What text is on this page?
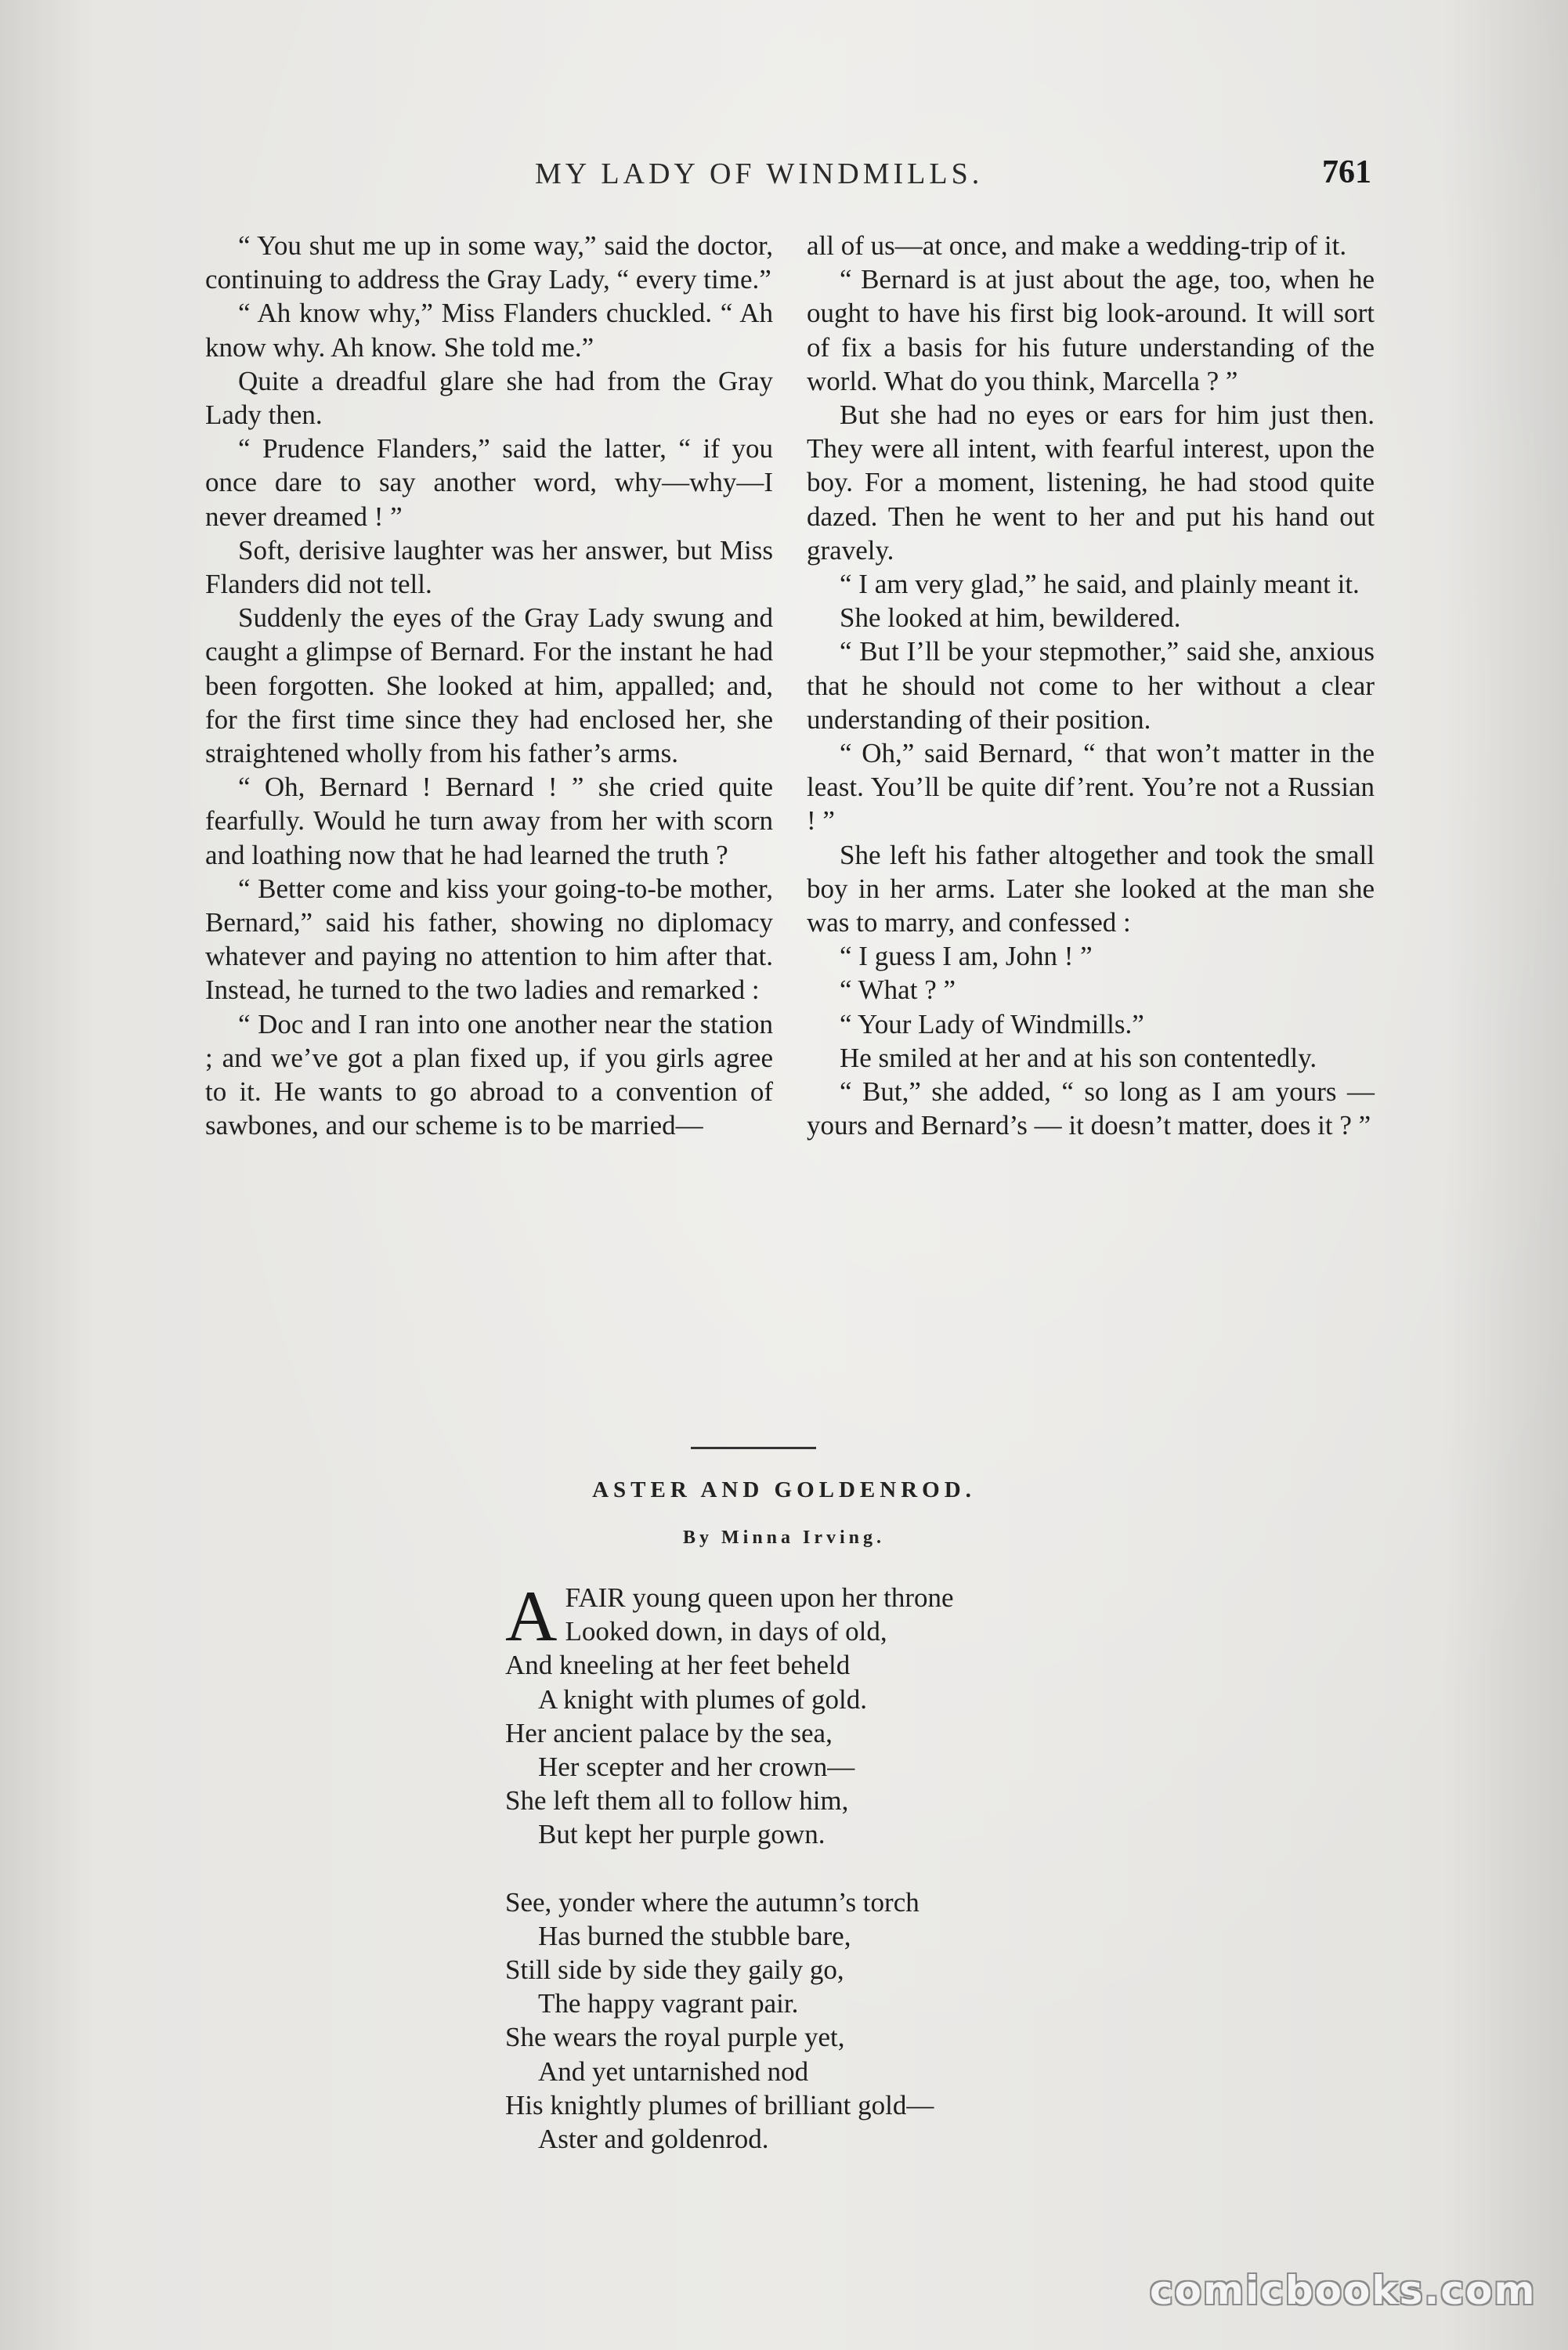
MY LADY OF WINDMILLS.	761

“ You shut me up in some way,” said the doctor, continuing to address the Gray Lady, “ every time.”

“ Ah know why,” Miss Flanders chuckled. “ Ah know why. Ah know. She told me.”

Quite a dreadful glare she had from the Gray Lady then.

“ Prudence Flanders,” said the latter, “ if you once dare to say another word, why—why—I never dreamed ! ”

Soft, derisive laughter was her answer, but Miss Flanders did not tell.

Suddenly the eyes of the Gray Lady swung and caught a glimpse of Bernard. For the instant he had been forgotten. She looked at him, appalled; and, for the first time since they had enclosed her, she straightened wholly from his father’s arms.

“ Oh, Bernard ! Bernard ! ” she cried quite fearfully. Would he turn away from her with scorn and loathing now that he had learned the truth ?

“ Better come and kiss your going-to-be mother, Bernard,” said his father, showing no diplomacy whatever and paying no attention to him after that. Instead, he turned to the two ladies and remarked :

“ Doc and I ran into one another near the station ; and we’ve got a plan fixed up, if you girls agree to it. He wants to go abroad to a convention of sawbones, and our scheme is to be married—

all of us—at once, and make a wedding-trip of it.

“ Bernard is at just about the age, too, when he ought to have his first big look-around. It will sort of fix a basis for his future understanding of the world. What do you think, Marcella ? ”

But she had no eyes or ears for him just then. They were all intent, with fearful interest, upon the boy. For a moment, listening, he had stood quite dazed. Then he went to her and put his hand out gravely.

“ I am very glad,” he said, and plainly meant it.

She looked at him, bewildered.

“ But I’ll be your stepmother,” said she, anxious that he should not come to her without a clear understanding of their position.

“ Oh,” said Bernard, “ that won’t matter in the least. You’ll be quite dif’rent. You’re not a Russian ! ”

She left his father altogether and took the small boy in her arms. Later she looked at the man she was to marry, and confessed :

“ I guess I am, John ! ”

“ What ? ”

“ Your Lady of Windmills.”

He smiled at her and at his son contentedly.

“ But,” she added, “ so long as I am yours — yours and Bernard’s — it doesn’t matter, does it ? ”

ASTER AND GOLDENROD.
By Minna Irving.
A FAIR young queen upon her throne
Looked down, in days of old,
And kneeling at her feet beheld
A knight with plumes of gold.
Her ancient palace by the sea,
Her scepter and her crown—
She left them all to follow him,
But kept her purple gown.
See, yonder where the autumn’s torch
Has burned the stubble bare,
Still side by side they gaily go,
The happy vagrant pair.
She wears the royal purple yet,
And yet untarnished nod
His knightly plumes of brilliant gold—
Aster and goldenrod.
comicbooks.com
